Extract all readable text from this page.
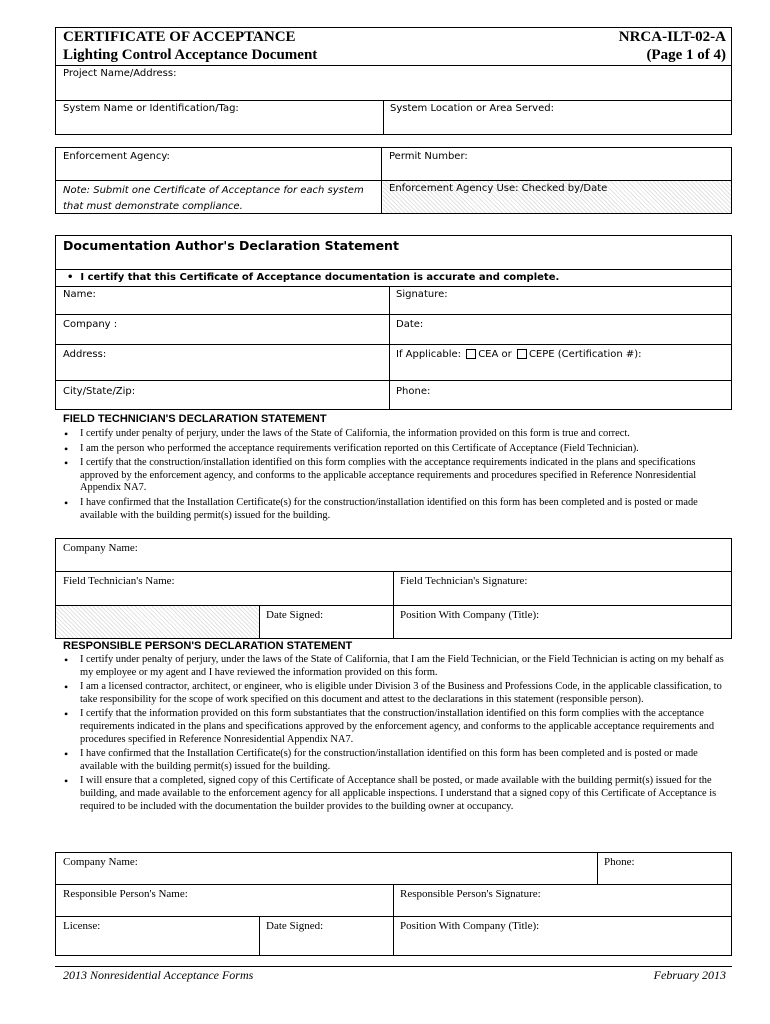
CERTIFICATE OF ACCEPTANCE	NRCA-ILT-02-A
Lighting Control Acceptance Document	(Page 1 of 4)
Project Name/Address:
System Name or Identification/Tag:	System Location or Area Served:
Enforcement Agency:	Permit Number:
Note: Submit one Certificate of Acceptance for each system that must demonstrate compliance.
Enforcement Agency Use: Checked by/Date
Documentation Author's Declaration Statement
• I certify that this Certificate of Acceptance documentation is accurate and complete.
Name:	Signature:
Company :	Date:
Address:	If Applicable: CEA or CEPE (Certification #):
City/State/Zip:	Phone:
FIELD TECHNICIAN'S DECLARATION STATEMENT
• I certify under penalty of perjury, under the laws of the State of California, the information provided on this form is true and correct.
• I am the person who performed the acceptance requirements verification reported on this Certificate of Acceptance (Field Technician).
• I certify that the construction/installation identified on this form complies with the acceptance requirements indicated in the plans and specifications approved by the enforcement agency, and conforms to the applicable acceptance requirements and procedures specified in Reference Nonresidential Appendix NA7.
• I have confirmed that the Installation Certificate(s) for the construction/installation identified on this form has been completed and is posted or made available with the building permit(s) issued for the building.
Company Name:
Field Technician's Name:	Field Technician's Signature:
Date Signed:	Position With Company (Title):
RESPONSIBLE PERSON'S DECLARATION STATEMENT
• I certify under penalty of perjury, under the laws of the State of California, that I am the Field Technician, or the Field Technician is acting on my behalf as my employee or my agent and I have reviewed the information provided on this form.
• I am a licensed contractor, architect, or engineer, who is eligible under Division 3 of the Business and Professions Code, in the applicable classification, to take responsibility for the scope of work specified on this document and attest to the declarations in this statement (responsible person).
• I certify that the information provided on this form substantiates that the construction/installation identified on this form complies with the acceptance requirements indicated in the plans and specifications approved by the enforcement agency, and conforms to the applicable acceptance requirements and procedures specified in Reference Nonresidential Appendix NA7.
• I have confirmed that the Installation Certificate(s) for the construction/installation identified on this form has been completed and is posted or made available with the building permit(s) issued for the building.
• I will ensure that a completed, signed copy of this Certificate of Acceptance shall be posted, or made available with the building permit(s) issued for the building, and made available to the enforcement agency for all applicable inspections. I understand that a signed copy of this Certificate of Acceptance is required to be included with the documentation the builder provides to the building owner at occupancy.
Company Name:	Phone:
Responsible Person's Name:	Responsible Person's Signature:
License:	Date Signed:	Position With Company (Title):
2013 Nonresidential Acceptance Forms	February 2013
